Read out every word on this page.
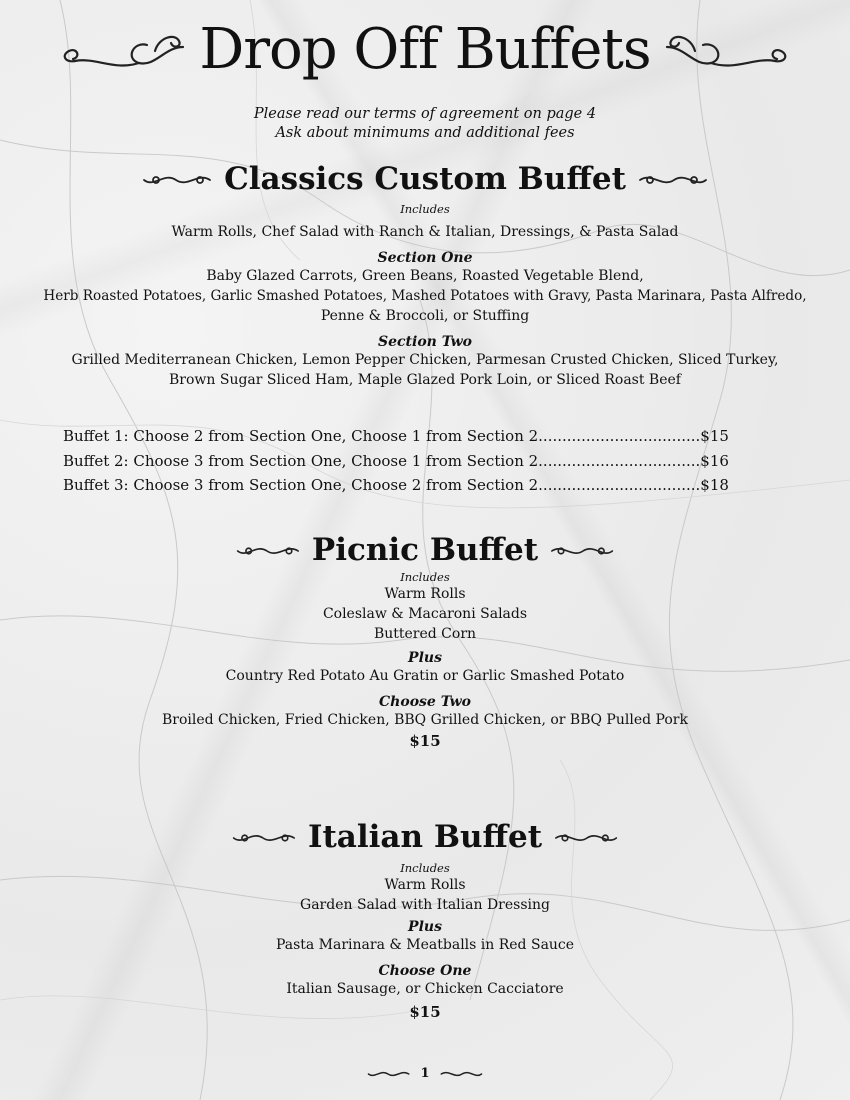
Drop Off Buffets
Please read our terms of agreement on page 4
Ask about minimums and additional fees
Classics Custom Buffet
Includes
Warm Rolls, Chef Salad with Ranch & Italian, Dressings, & Pasta Salad
Section One
Baby Glazed Carrots, Green Beans, Roasted Vegetable Blend,
Herb Roasted Potatoes, Garlic Smashed Potatoes, Mashed Potatoes with Gravy, Pasta Marinara, Pasta Alfredo,
Penne & Broccoli, or Stuffing
Section Two
Grilled Mediterranean Chicken, Lemon Pepper Chicken, Parmesan Crusted Chicken, Sliced Turkey,
Brown Sugar Sliced Ham, Maple Glazed Pork Loin, or Sliced Roast Beef
Buffet 1: Choose 2 from Section One, Choose 1 from Section 2..................................$15
Buffet 2: Choose 3 from Section One, Choose 1 from Section 2..................................$16
Buffet 3: Choose 3 from Section One, Choose 2 from Section 2..................................$18
Picnic Buffet
Includes
Warm Rolls
Coleslaw & Macaroni Salads
Buttered Corn
Plus
Country Red Potato Au Gratin or Garlic Smashed Potato
Choose Two
Broiled Chicken, Fried Chicken, BBQ Grilled Chicken, or BBQ Pulled Pork
$15
Italian Buffet
Includes
Warm Rolls
Garden Salad with Italian Dressing
Plus
Pasta Marinara & Meatballs in Red Sauce
Choose One
Italian Sausage, or Chicken Cacciatore
$15
1
